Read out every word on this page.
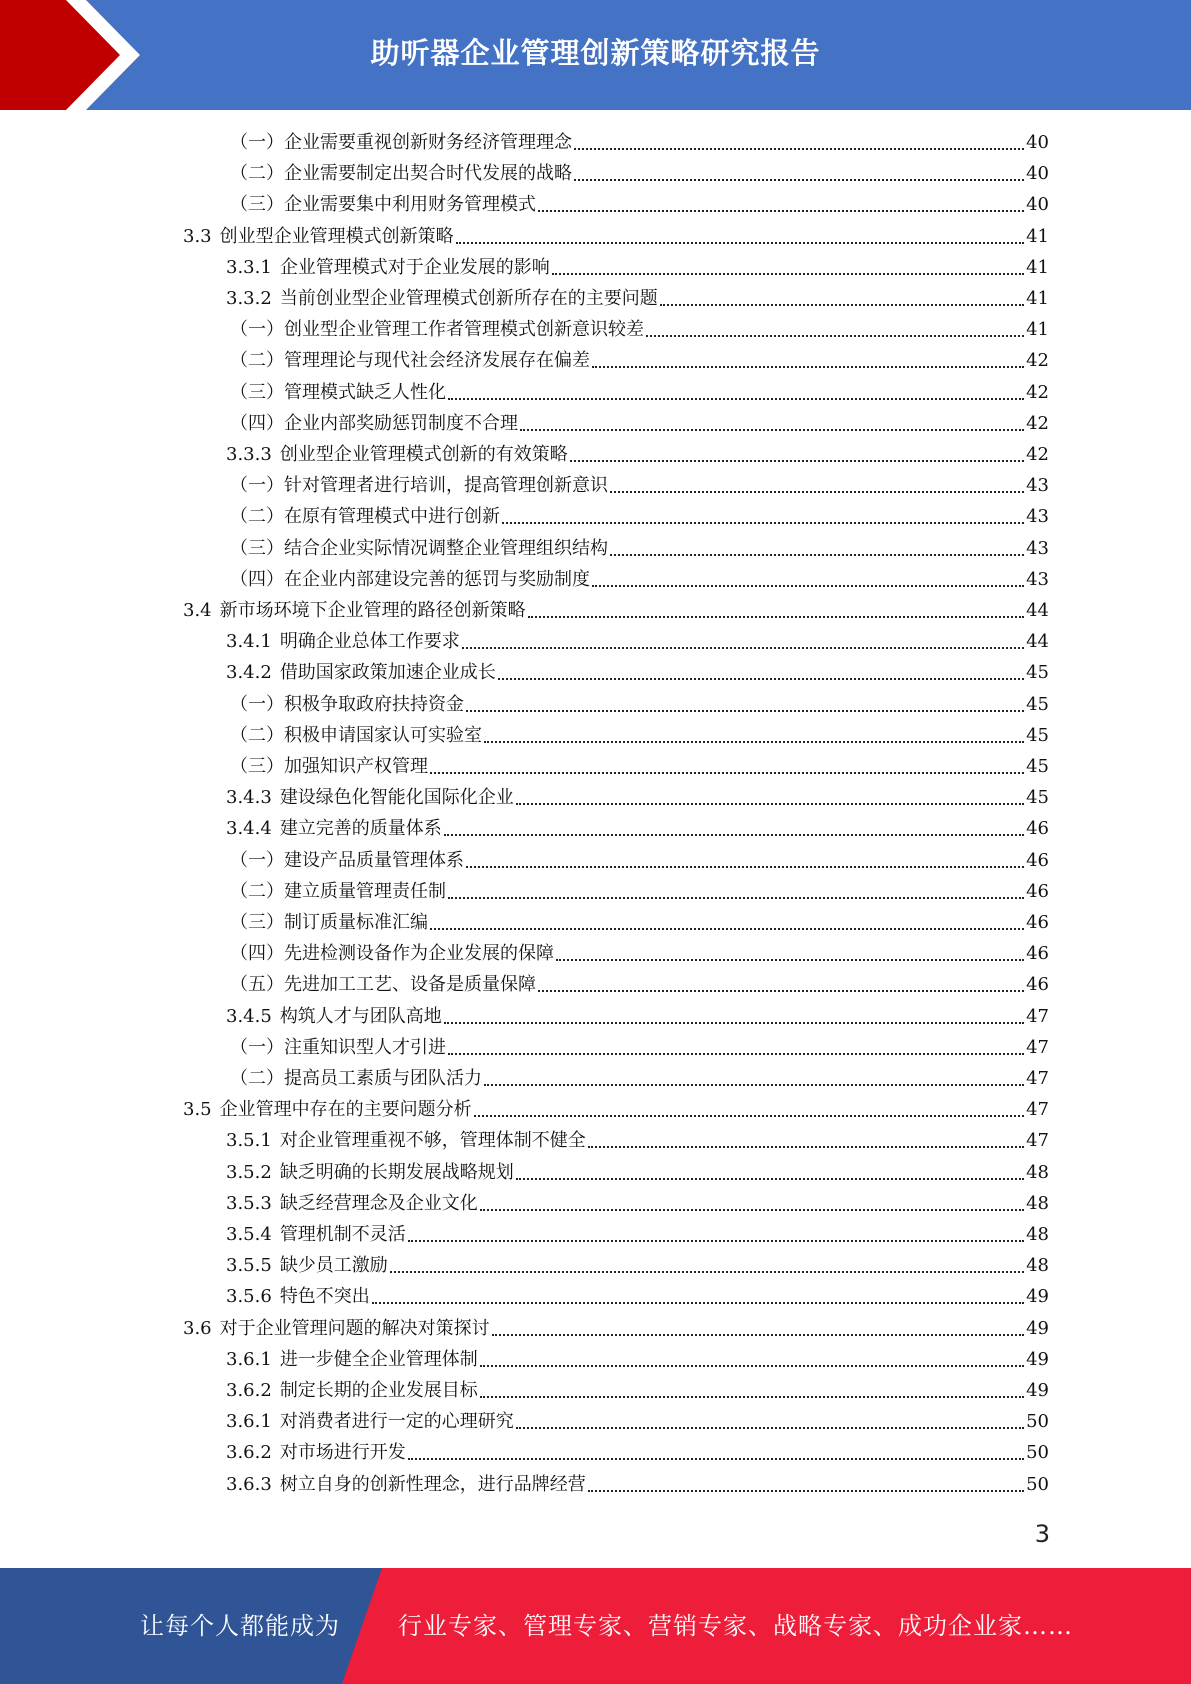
助听器企业管理创新策略研究报告
（一）企业需要重视创新财务经济管理理念	40
（二）企业需要制定出契合时代发展的战略	40
（三）企业需要集中利用财务管理模式	40
3.3 创业型企业管理模式创新策略	41
3.3.1 企业管理模式对于企业发展的影响	41
3.3.2 当前创业型企业管理模式创新所存在的主要问题	41
（一）创业型企业管理工作者管理模式创新意识较差	41
（二）管理理论与现代社会经济发展存在偏差	42
（三）管理模式缺乏人性化	42
（四）企业内部奖励惩罚制度不合理	42
3.3.3 创业型企业管理模式创新的有效策略	42
（一）针对管理者进行培训，提高管理创新意识	43
（二）在原有管理模式中进行创新	43
（三）结合企业实际情况调整企业管理组织结构	43
（四）在企业内部建设完善的惩罚与奖励制度	43
3.4 新市场环境下企业管理的路径创新策略	44
3.4.1 明确企业总体工作要求	44
3.4.2 借助国家政策加速企业成长	45
（一）积极争取政府扶持资金	45
（二）积极申请国家认可实验室	45
（三）加强知识产权管理	45
3.4.3 建设绿色化智能化国际化企业	45
3.4.4 建立完善的质量体系	46
（一）建设产品质量管理体系	46
（二）建立质量管理责任制	46
（三）制订质量标准汇编	46
（四）先进检测设备作为企业发展的保障	46
（五）先进加工工艺、设备是质量保障	46
3.4.5 构筑人才与团队高地	47
（一）注重知识型人才引进	47
（二）提高员工素质与团队活力	47
3.5 企业管理中存在的主要问题分析	47
3.5.1 对企业管理重视不够，管理体制不健全	47
3.5.2 缺乏明确的长期发展战略规划	48
3.5.3 缺乏经营理念及企业文化	48
3.5.4 管理机制不灵活	48
3.5.5 缺少员工激励	48
3.5.6 特色不突出	49
3.6 对于企业管理问题的解决对策探讨	49
3.6.1 进一步健全企业管理体制	49
3.6.2 制定长期的企业发展目标	49
3.6.1 对消费者进行一定的心理研究	50
3.6.2 对市场进行开发	50
3.6.3 树立自身的创新性理念，进行品牌经营	50
3
让每个人都能成为 行业专家、管理专家、营销专家、战略专家、成功企业家……
